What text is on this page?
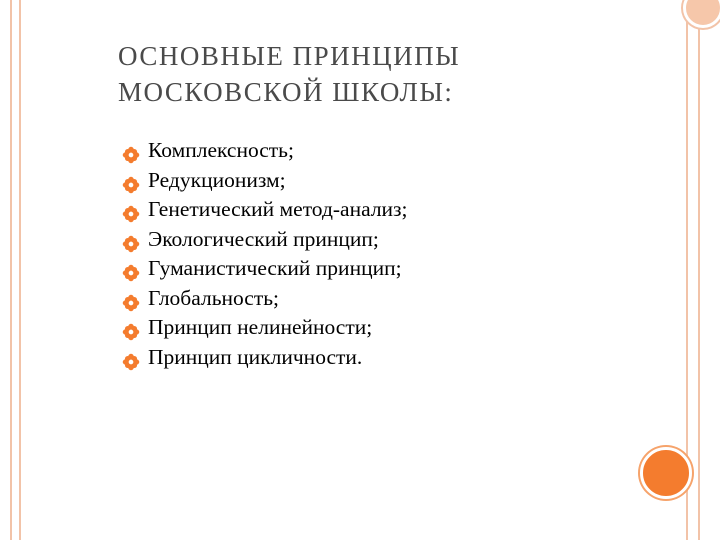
ОСНОВНЫЕ ПРИНЦИПЫ
МОСКОВСКОЙ ШКОЛЫ:
Комплексность;
Редукционизм;
Генетический метод-анализ;
Экологический принцип;
Гуманистический принцип;
Глобальность;
Принцип нелинейности;
Принцип цикличности.
